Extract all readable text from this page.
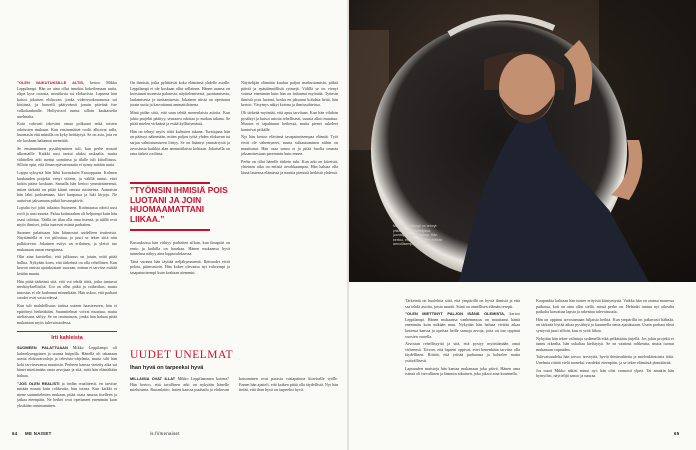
”OLEN VAIKUTUKSILLE ALTIS, kertoo Mikko Leppilampi. Hän on aina ollut innokas kokeilemaan uutta, olipa kyse ruoasta, musiikista tai elokuvista. Lapsena hän katsoi jokaisen elokuvan, jonka videovuokraamosta sai käsiinsä, ja haaveili päätyvänsä jonain päivänä itse valkokankaalle. Hollywood tuntui silloin kaukaiselta unelmalta.

Koin vahvasti tekeväni omaa polkuani enkä toisten odotusten mukaan. Kun ensimmäiset roolit alkoivat tulla, huomasin että minulla on kyky heittäytyä. Se on asia, jota en ole koskaan halunnut menettää.

Se ensimmäinen pysähtyminen tuli, kun perhe muutti ulkomaille. Kaikki uusi tuntui aluksi raskaalta, mutta vähitellen arki asettui uomiinsa ja tilalle tuli kiitollisuus. Silloin opin, että ilman epävarmuutta ei synny mitään uutta.

Loppu syksystä hän lähti kuvauksiin Eurooppaan. Kolmen kuukauden projekti venyi viiteen, ja välillä tuntui, ettei kotiin pääse koskaan. Samalla hän kertoo ymmärtäneensä, miten tärkeää on pitää kiinni omista rutiineista. Aamuisin hän lähti juoksemaan, kävi kaupassa ja luki kirjoja. Ne auttoivat jaksamaan pitkiä kuvauspäiviä.

Lopulta työ johti takaisin Suomeen. Kotimaassa odotti uusi rooli ja uusi suunta. Paluu kotimaahan oli helpompi kuin hän osasi odottaa. Täällä on tilaa olla oma itsensä, ja täällä ovat myös ihmiset, jotka tuntevat minut parhaiten.

Suomen palattuaan hän kiinnostui uudelleen teatterista. Näyttämöllä ei voi piiloutua, ja juuri se tekee siitä niin palkitsevan. Jokainen esitys on erilainen, ja yleisö tuo mukanaan oman energiansa.

Olin aina kuvitellut, että julkisuus on jotain, mitä pitää hallita. Nykyään koen, että tärkeintä on olla rehellinen. Kun kerron omista ajatuksistani suoraan, minun ei tarvitse esittää ketään muuta.

Hän pitää tärkeänä sitä, että voi tehdä töitä, jotka tuntuvat merkityksellisiltä. Ura on ollut pitkä ja vaiherikas, mutta innostus ei ole kadonnut minnekään. Hän uskoo, että parhaat vuodet ovat vasta edessä.

Kun tuli mahdollisuus tarttua uuteen haasteeseen, hän ei epäröinyt hetkeäkään. Suunnitelmat voivat muuttua, mutta uteliaisuus säilyy. Se on ominaisuus, jonka hän haluaa pitää mukanaan myös tulevaisuudessa.

Irti kahleista

SUOMEEN PALATTUAAN Mikko Leppilampi oli kolmekymppinen ja uransa huipulla. Hänellä oli takanaan useita elokuvarooleja ja televisio-ohjelmia, mutta silti hän koki tarvitsevansa muutosta. Perheen kanssa vietetty aika sai hänet miettimään omia arvojaan ja sitä, mitä hän elämältään haluaa.

”JOS OLEN REALISTI ja tiedän reaaliteetit, en tarvitse mitään muuta kuin rohkeutta, hän toteaa. Kun kaikki ei mene suunnitelmien mukaan, pitää osata nauraa itselleen ja jatkaa eteenpäin. Ne hetket ovat opettaneet enemmän kuin yksikään onnistuminen.

On ihmisiä, jotka pyhittävät koko elämänsä yhdelle asialle. Leppilampi ei ole koskaan ollut sellainen. Hänen uransa on koostunut monesta palasesta: näyttelemisestä, juontamisesta, laulamisesta ja tuottamisesta. Jokainen niistä on opettanut jotain uutta ja kasvattanut ammattilaisena.

Minä pidän siitä, että saan tehdä monenlaisia asioita. Kun jokin projekti päättyy, seuraava odottaa jo nurkan takana. Se pitää mielen virkeänä ja estää kyllästymästä.

Hän on tehnyt myös töitä kulissien takana. Tuottajana hän on päässyt näkemään, miten paljon työtä yhden elokuvan tai sarjan valmistumiseen liittyy. Se on lisännyt ymmärrystä ja arvostusta kaikkia alan ammattilaisia kohtaan. Jokaisella on oma tärkeä roolinsa.

”TYÖNSIN IHMISIÄ POIS LUOTANI JA JOIN HUOMAAMATTANI LIIKAA.”

Kuvauksissa hän viihtyy parhaiten silloin, kun ilmapiiri on rento ja kaikilla on hauskaa. Hänen mukaansa hyvä tunnelma näkyy aina lopputuloksessa.

Tänä vuonna hän täyttää neljäkymmentä. Ikävuodet eivät pelota, päinvastoin. Hän kokee olevansa nyt vahvempi ja tasapainoisempi kuin koskaan aiemmin.

Näyttelijän elämään kuuluu paljon matkustamista, pitkiä päiviä ja epäsäännöllisiä rytmejä. Välillä se on vienyt voimia enemmän kuin hän on halunnut myöntää. Työnsin ihmisiä pois luotani, koska en jaksanut kohdata heitä, hän kertoo. Väsymys näkyi kotona ja ihmissuhteissa.

Oli tärkeää myöntää, että apua tarvitaan. Kun hän vihdoin pysähtyi ja katsoi asioita rehellisesti, suunta alkoi muuttua. Muutos ei tapahtunut hetkessä, mutta pienet askeleet kantoivat pitkälle.

Nyt hän kertoo elävänsä tasapainoisempaa elämää. Työt eivät ole vähentyneet, mutta suhtautuminen niihin on muuttunut. Hän osaa sanoa ei ja pitää huolta omasta jaksamisestaan paremmin kuin ennen.

Perhe on ollut hänelle tärkein tuki. Kun arki on kiireistä, yhteinen aika on entistä arvokkaampaa. Hän haluaa olla läsnä lastensa elämässä ja nauttia pienistä hetkistä yhdessä.

UUDET UNELMAT
Ihan hyvä on tarpeeksi hyvä

MILLAISIA OVAT ILLAT Mikko Leppilammen kotona? Hän kertoo, että tavallinen arki on nykyään hänelle mieluisinta. Ruoanlaitto, lasten kanssa puuhailu ja elokuvan katsominen ovat parasta vastapainoa kiireiselle työlle. Ennen hän ajatteli, että kaiken pitää olla täydellistä. Nyt hän tietää, että ihan hyvä on tarpeeksi hyvä.

64 ME NAISET	is.fi/menaiset

Tärkeintä on huolehtia siitä, että ympärillä on hyviä ihmisiä ja että saa tehdä asioita, joista nauttii. Siinä on onnellisen elämän resepti.

”OLEN MIETTINYT PALJON ISÄNÄ OLEMISTA, kertoo Leppilampi. Hänen mukaansa vanhemmuus on muuttanut häntä enemmän kuin mikään muu. Nykyään hän haluaa viettää aikaa lastensa kanssa ja opettaa heille samoja arvoja, joita on itse oppinut vuosien varrella.

Arvostan rehellisyyttä ja sitä, että pystyy myöntämään omat virheensä. Toivon, että lapseni oppivat, ettei kenenkään tarvitse olla täydellinen. Riittää, että yrittää parhaansa ja kohtelee muita ystävällisesti.

Lapsuuden muistoja hän kantaa mukanaan joka päivä. Hänen oma isänsä oli turvallinen ja lämmin aikuinen, joka jaksoi aina kuunnella.

Kaupunkia kohtaan hän tuntee erityistä kiintymystä. Vaikka hän on asunut monessa paikassa, koti on aina ollut siellä, missä perhe on. Helsinki tuntuu nyt oikealta paikalta kasvattaa lapsia ja rakentaa tulevaisuutta.

Hän on oppinut arvostamaan hiljaisia hetkiä. Kun ympärillä on jatkuvasti hälinää, on tärkeää löytää aikaa pysähtyä ja kuunnella omia ajatuksiaan. Usein parhaat ideat syntyvät juuri silloin, kun ei yritä liikaa.

Nykyään hän tekee valintoja sydämellä eikä pelkästään järjellä. Jos jokin projekti ei tunnu oikealta, hän uskaltaa kieltäytyä. Se on vaatinut rohkeutta, mutta tuonut mukanaan vapauden.

Tulevaisuudelta hän toivoo terveyttä, hyviä ihmissuhteita ja mielenkiintoisia töitä. Unelmia riittää vielä moneksi vuodeksi eteenpäin, ja se tekee elämästä jännittävää.

Jos nuori Mikko näkisi minut nyt, hän olisi varmasti ylpeä. Tai ainakin hän hymyilisi, näyttelijä sanoo ja nauraa.

65
Mikko Leppilampi on tehnyt pitkän uran näyttelijänä, juontajana ja laulajana. Hän kertoo, että on nykyään entistä armollisempi itselleen.
